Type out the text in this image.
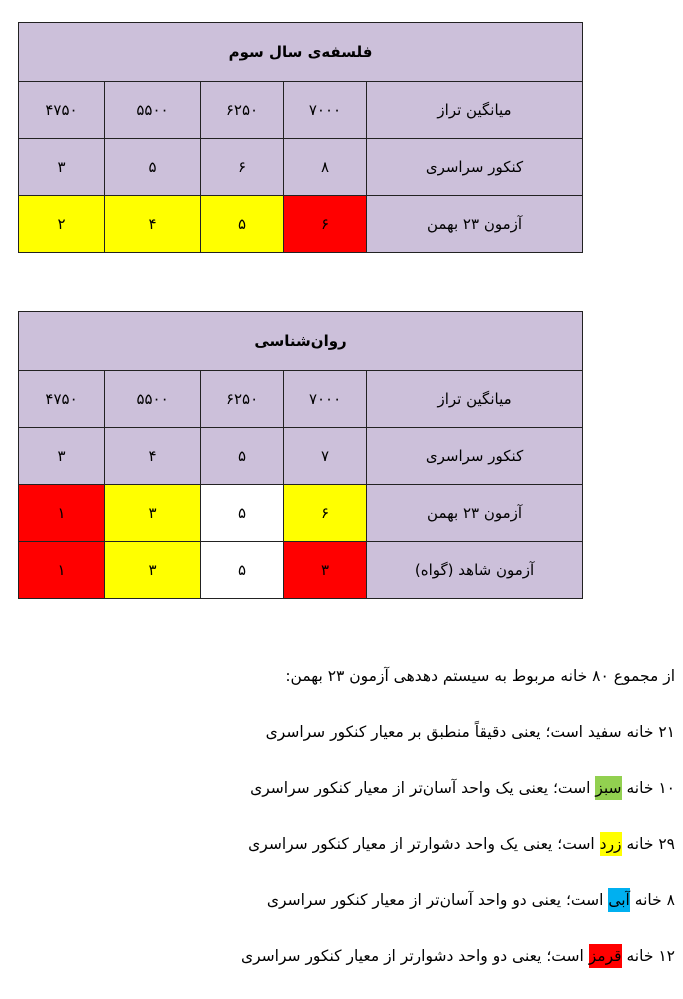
فلسفه‌ی سال سوم				
میانگین تراز	۷۰۰۰	۶۲۵۰	۵۵۰۰	۴۷۵۰
کنکور سراسری	۸	۶	۵	۳
آزمون ۲۳ بهمن	۶	۵	۴	۲
روان‌شناسی				
میانگین تراز	۷۰۰۰	۶۲۵۰	۵۵۰۰	۴۷۵۰
کنکور سراسری	۷	۵	۴	۳
آزمون ۲۳ بهمن	۶	۵	۳	۱
آزمون شاهد (گواه)	۳	۵	۳	۱
از مجموع ۸۰ خانه مربوط به سیستم دهدهی آزمون ۲۳ بهمن:
۲۱ خانه سفید است؛ یعنی دقیقاً منطبق بر معیار کنکور سراسری
۱۰ خانه سبز است؛ یعنی یک واحد آسان‌تر از معیار کنکور سراسری
۲۹ خانه زرد است؛ یعنی یک واحد دشوارتر از معیار کنکور سراسری
۸ خانه آبی است؛ یعنی دو واحد آسان‌تر از معیار کنکور سراسری
۱۲ خانه قرمز است؛ یعنی دو واحد دشوارتر از معیار کنکور سراسری
